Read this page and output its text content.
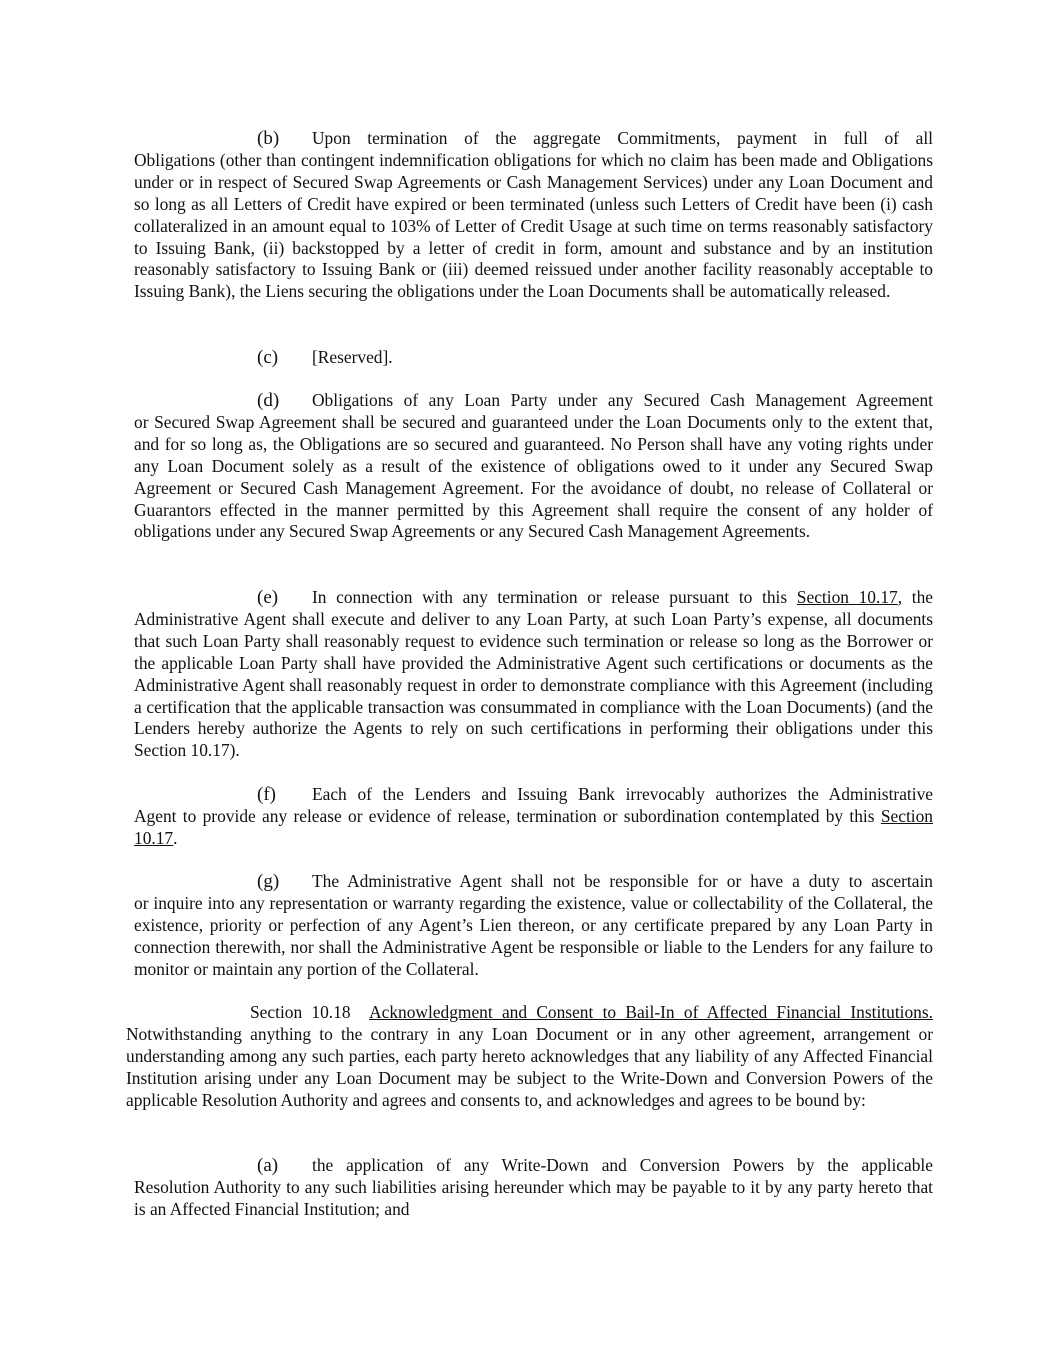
(b) Upon termination of the aggregate Commitments, payment in full of all
Obligations (other than contingent indemnification obligations for which no claim has been made and Obligations under or in respect of Secured Swap Agreements or Cash Management Services) under any Loan Document and so long as all Letters of Credit have expired or been terminated (unless such Letters of Credit have been (i) cash collateralized in an amount equal to 103% of Letter of Credit Usage at such time on terms reasonably satisfactory to Issuing Bank, (ii) backstopped by a letter of credit in form, amount and substance and by an institution reasonably satisfactory to Issuing Bank or (iii) deemed reissued under another facility reasonably acceptable to Issuing Bank), the Liens securing the obligations under the Loan Documents shall be automatically released.

(c) [Reserved].

(d) Obligations of any Loan Party under any Secured Cash Management Agreement
or Secured Swap Agreement shall be secured and guaranteed under the Loan Documents only to the extent that, and for so long as, the Obligations are so secured and guaranteed. No Person shall have any voting rights under any Loan Document solely as a result of the existence of obligations owed to it under any Secured Swap Agreement or Secured Cash Management Agreement. For the avoidance of doubt, no release of Collateral or Guarantors effected in the manner permitted by this Agreement shall require the consent of any holder of obligations under any Secured Swap Agreements or any Secured Cash Management Agreements.

(e) In connection with any termination or release pursuant to this Section 10.17, the
Administrative Agent shall execute and deliver to any Loan Party, at such Loan Party’s expense, all documents that such Loan Party shall reasonably request to evidence such termination or release so long as the Borrower or the applicable Loan Party shall have provided the Administrative Agent such certifications or documents as the Administrative Agent shall reasonably request in order to demonstrate compliance with this Agreement (including a certification that the applicable transaction was consummated in compliance with the Loan Documents) (and the Lenders hereby authorize the Agents to rely on such certifications in performing their obligations under this Section 10.17).

(f) Each of the Lenders and Issuing Bank irrevocably authorizes the Administrative
Agent to provide any release or evidence of release, termination or subordination contemplated by this Section 10.17.

(g) The Administrative Agent shall not be responsible for or have a duty to ascertain
or inquire into any representation or warranty regarding the existence, value or collectability of the Collateral, the existence, priority or perfection of any Agent’s Lien thereon, or any certificate prepared by any Loan Party in connection therewith, nor shall the Administrative Agent be responsible or liable to the Lenders for any failure to monitor or maintain any portion of the Collateral.

Section 10.18 Acknowledgment and Consent to Bail-In of Affected Financial Institutions.
Notwithstanding anything to the contrary in any Loan Document or in any other agreement, arrangement or understanding among any such parties, each party hereto acknowledges that any liability of any Affected Financial Institution arising under any Loan Document may be subject to the Write-Down and Conversion Powers of the applicable Resolution Authority and agrees and consents to, and acknowledges and agrees to be bound by:

(a) the application of any Write-Down and Conversion Powers by the applicable
Resolution Authority to any such liabilities arising hereunder which may be payable to it by any party hereto that is an Affected Financial Institution; and
